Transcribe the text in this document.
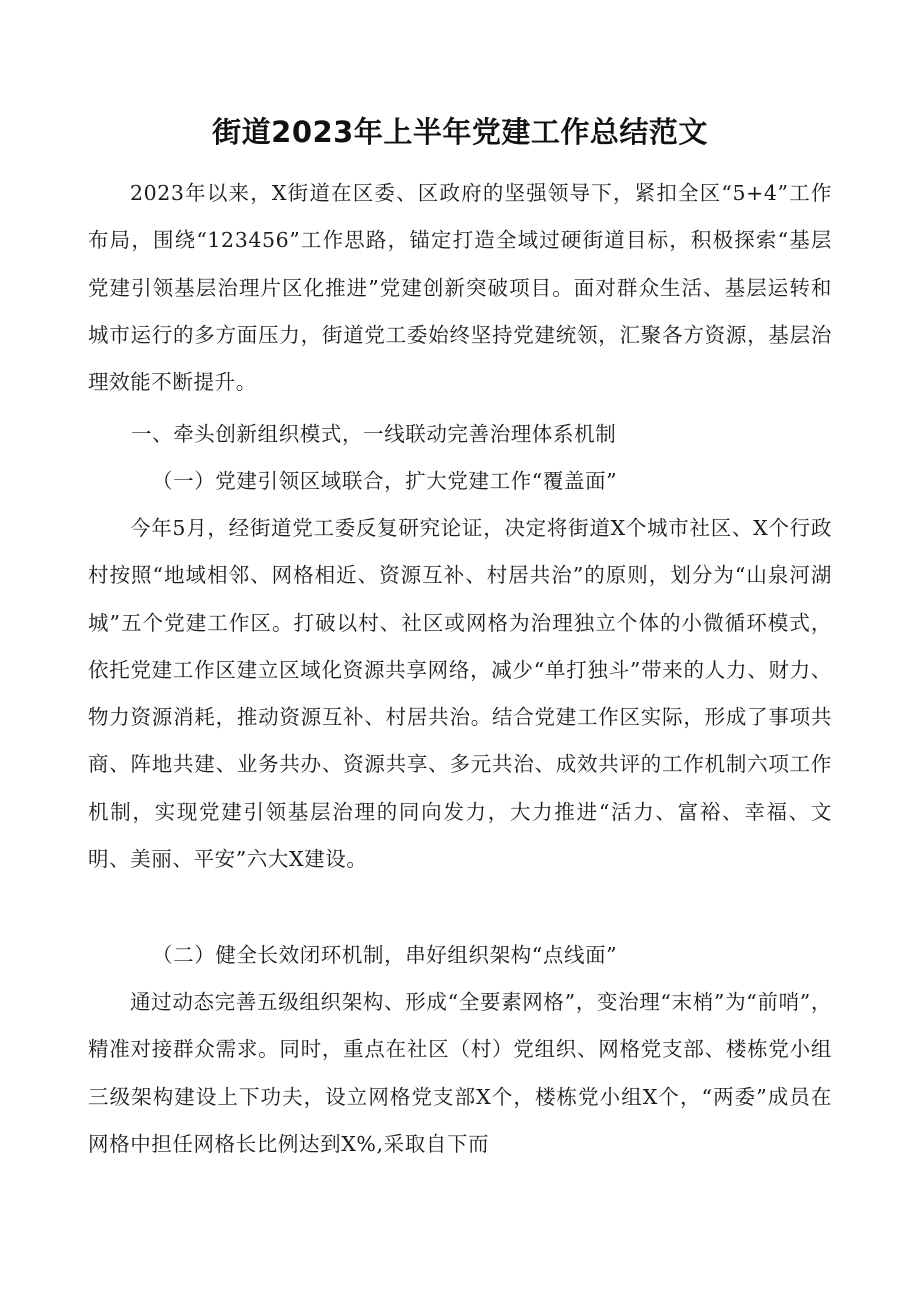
街道2023年上半年党建工作总结范文

2023年以来，X街道在区委、区政府的坚强领导下，紧扣全区“5+4”工作布局，围绕“123456”工作思路，锚定打造全域过硬街道目标，积极探索“基层党建引领基层治理片区化推进”党建创新突破项目。面对群众生活、基层运转和城市运行的多方面压力，街道党工委始终坚持党建统领，汇聚各方资源，基层治理效能不断提升。

一、牵头创新组织模式，一线联动完善治理体系机制

（一）党建引领区域联合，扩大党建工作“覆盖面”

今年5月，经街道党工委反复研究论证，决定将街道X个城市社区、X个行政村按照“地域相邻、网格相近、资源互补、村居共治”的原则，划分为“山泉河湖城”五个党建工作区。打破以村、社区或网格为治理独立个体的小微循环模式，依托党建工作区建立区域化资源共享网络，减少“单打独斗”带来的人力、财力、物力资源消耗，推动资源互补、村居共治。结合党建工作区实际，形成了事项共商、阵地共建、业务共办、资源共享、多元共治、成效共评的工作机制六项工作机制，实现党建引领基层治理的同向发力，大力推进“活力、富裕、幸福、文明、美丽、平安”六大X建设。

（二）健全长效闭环机制，串好组织架构“点线面”

通过动态完善五级组织架构、形成“全要素网格”，变治理“末梢”为“前哨”，精准对接群众需求。同时，重点在社区（村）党组织、网格党支部、楼栋党小组三级架构建设上下功夫，设立网格党支部X个，楼栋党小组X个，“两委”成员在网格中担任网格长比例达到X%,采取自下而
